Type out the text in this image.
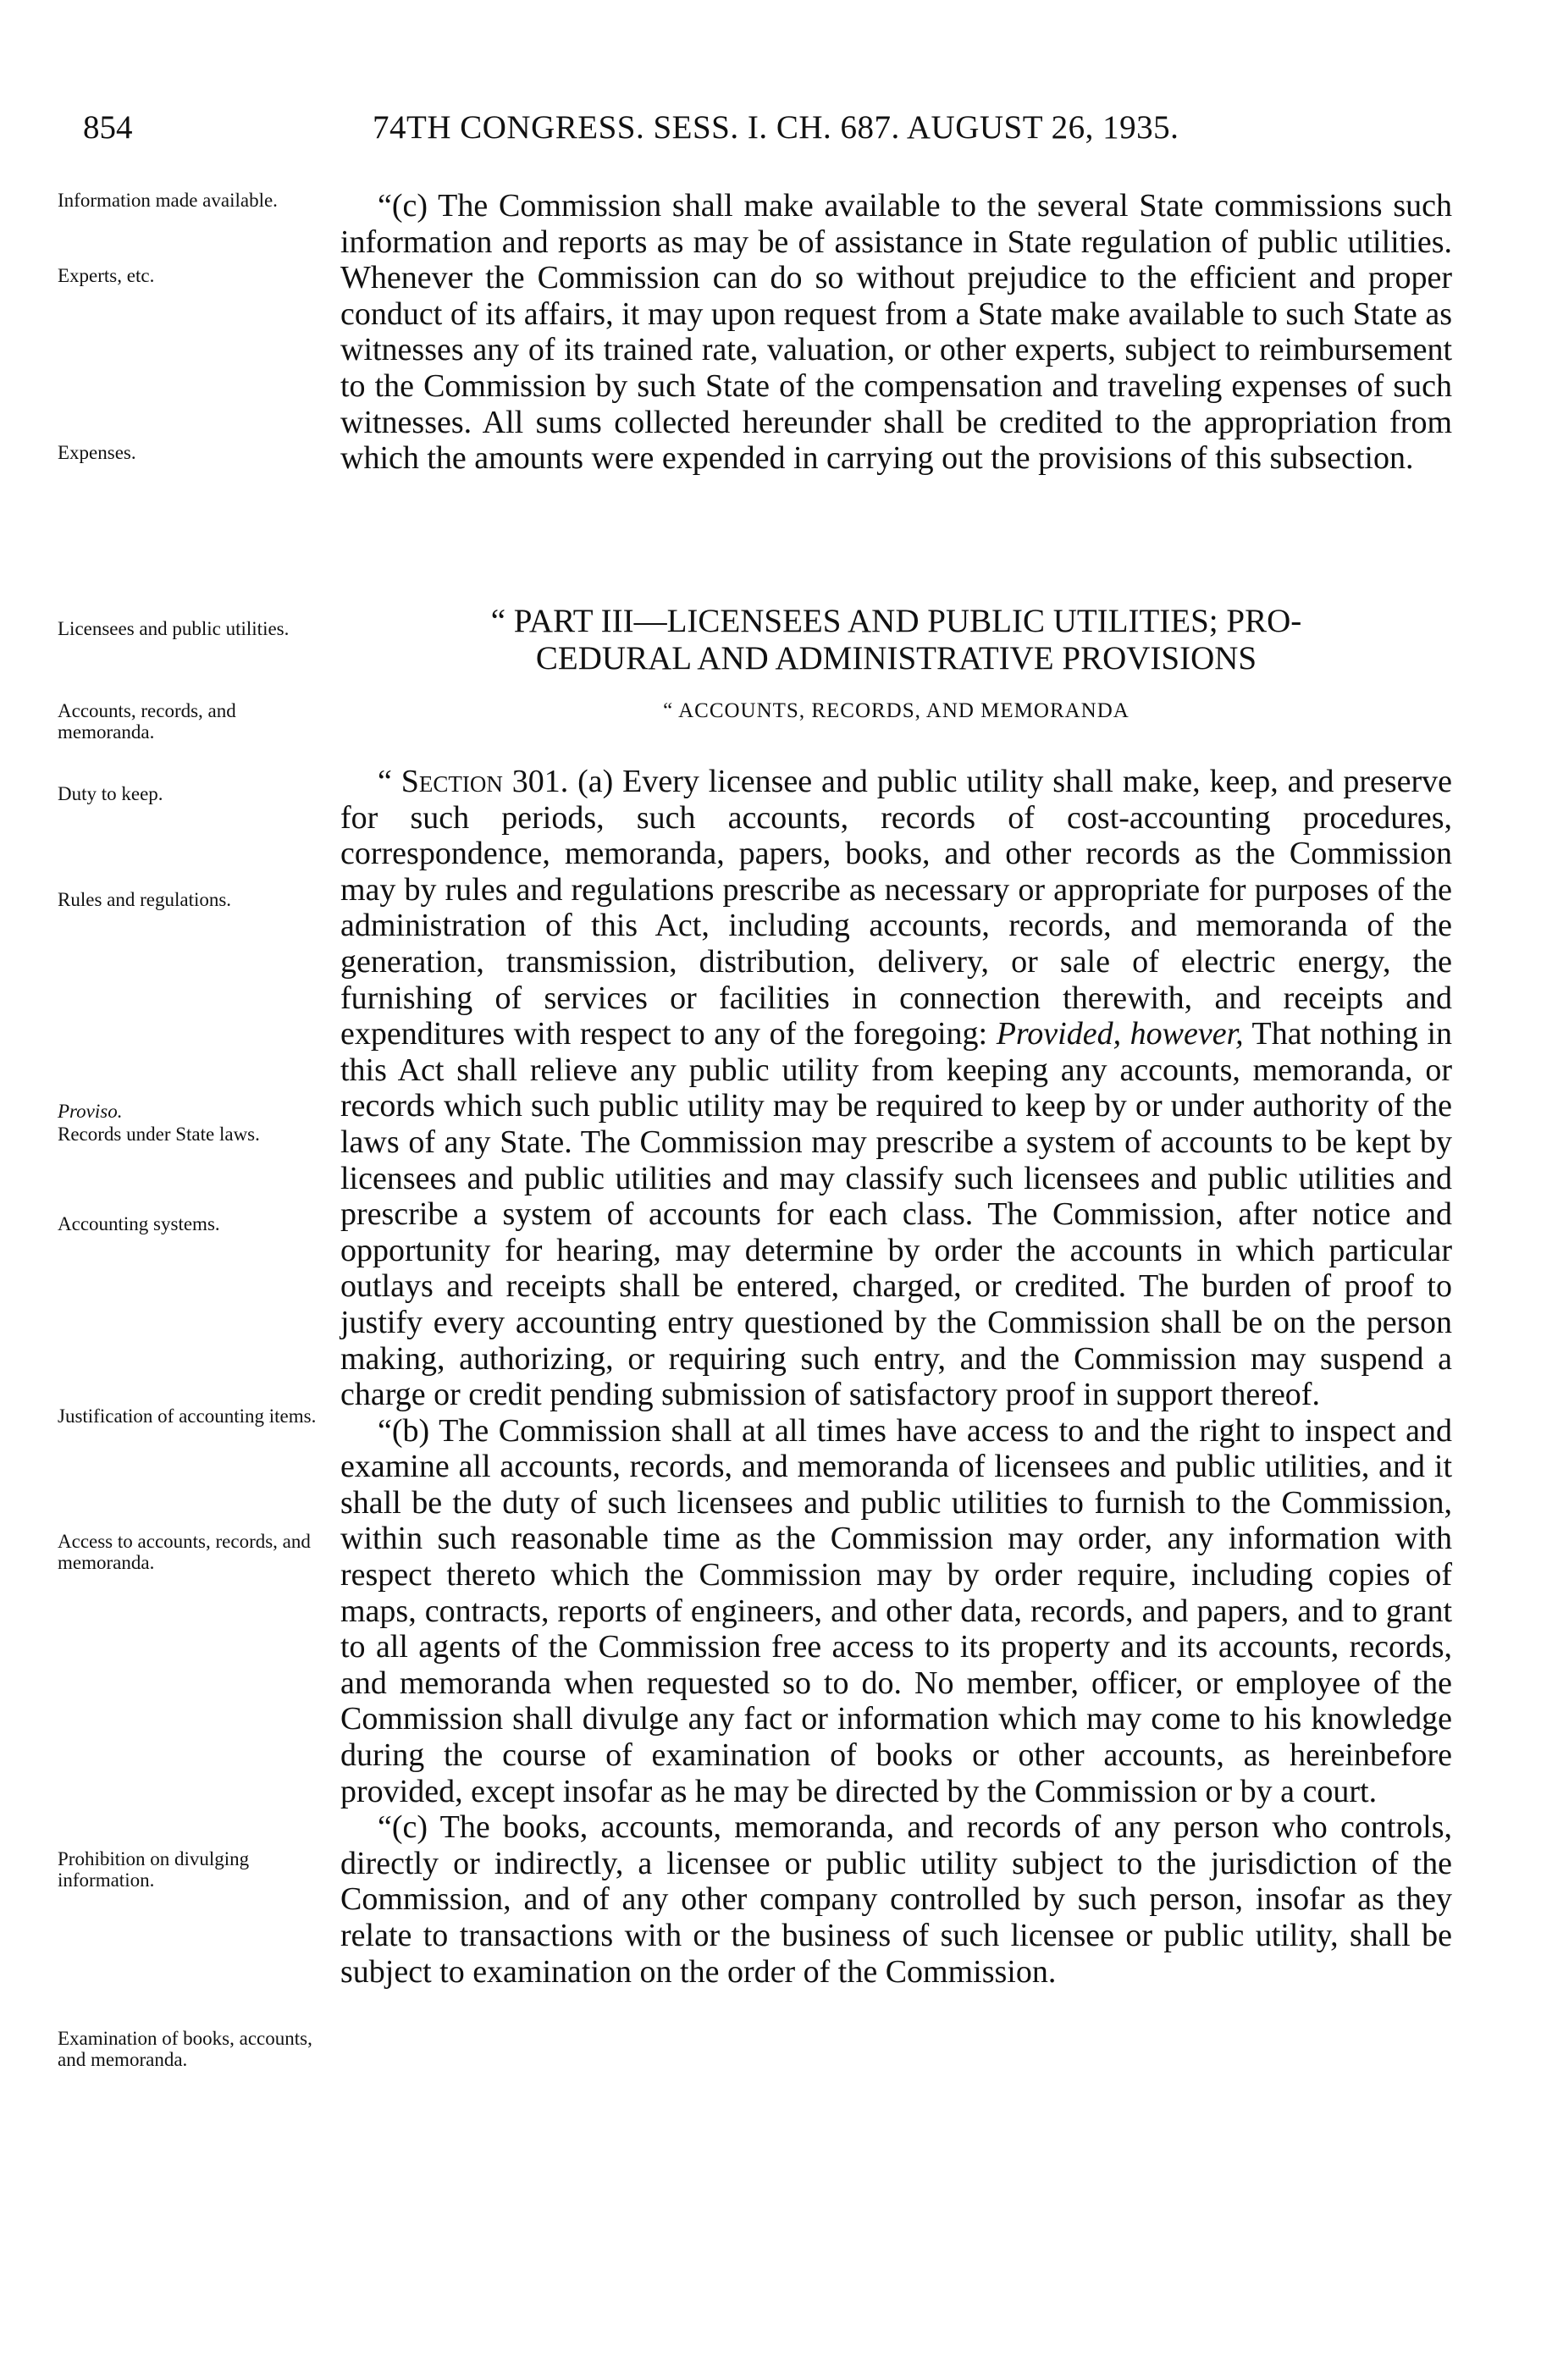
854	74TH CONGRESS. SESS. I. CH. 687. AUGUST 26, 1935.

Information made available.

Experts, etc.

Expenses.

Licensees and public utilities.

Accounts, records, and memoranda.

Duty to keep.

Rules and regulations.

Proviso.

Records under State laws.

Accounting systems.

Justification of accounting items.

Access to accounts, records, and memoranda.

Prohibition on divulging information.

Examination of books, accounts, and memoranda.

“(c) The Commission shall make available to the several State commissions such information and reports as may be of assistance in State regulation of public utilities. Whenever the Commission can do so without prejudice to the efficient and proper conduct of its affairs, it may upon request from a State make available to such State as witnesses any of its trained rate, valuation, or other experts, subject to reimbursement to the Commission by such State of the compensation and traveling expenses of such witnesses. All sums collected hereunder shall be credited to the appropriation from which the amounts were expended in carrying out the provisions of this subsection.

“ PART III—LICENSEES AND PUBLIC UTILITIES; PRO-
CEDURAL AND ADMINISTRATIVE PROVISIONS
“ ACCOUNTS, RECORDS, AND MEMORANDA

“ Section 301. (a) Every licensee and public utility shall make, keep, and preserve for such periods, such accounts, records of cost-accounting procedures, correspondence, memoranda, papers, books, and other records as the Commission may by rules and regulations prescribe as necessary or appropriate for purposes of the administration of this Act, including accounts, records, and memoranda of the generation, transmission, distribution, delivery, or sale of electric energy, the furnishing of services or facilities in connection therewith, and receipts and expenditures with respect to any of the foregoing: Provided, however, That nothing in this Act shall relieve any public utility from keeping any accounts, memoranda, or records which such public utility may be required to keep by or under authority of the laws of any State. The Commission may prescribe a system of accounts to be kept by licensees and public utilities and may classify such licensees and public utilities and prescribe a system of accounts for each class. The Commission, after notice and opportunity for hearing, may determine by order the accounts in which particular outlays and receipts shall be entered, charged, or credited. The burden of proof to justify every accounting entry questioned by the Commission shall be on the person making, authorizing, or requiring such entry, and the Commission may suspend a charge or credit pending submission of satisfactory proof in support thereof.

“(b) The Commission shall at all times have access to and the right to inspect and examine all accounts, records, and memoranda of licensees and public utilities, and it shall be the duty of such licensees and public utilities to furnish to the Commission, within such reasonable time as the Commission may order, any information with respect thereto which the Commission may by order require, including copies of maps, contracts, reports of engineers, and other data, records, and papers, and to grant to all agents of the Commission free access to its property and its accounts, records, and memoranda when requested so to do. No member, officer, or employee of the Commission shall divulge any fact or information which may come to his knowledge during the course of examination of books or other accounts, as hereinbefore provided, except insofar as he may be directed by the Commission or by a court.

“(c) The books, accounts, memoranda, and records of any person who controls, directly or indirectly, a licensee or public utility subject to the jurisdiction of the Commission, and of any other company controlled by such person, insofar as they relate to transactions with or the business of such licensee or public utility, shall be subject to examination on the order of the Commission.
